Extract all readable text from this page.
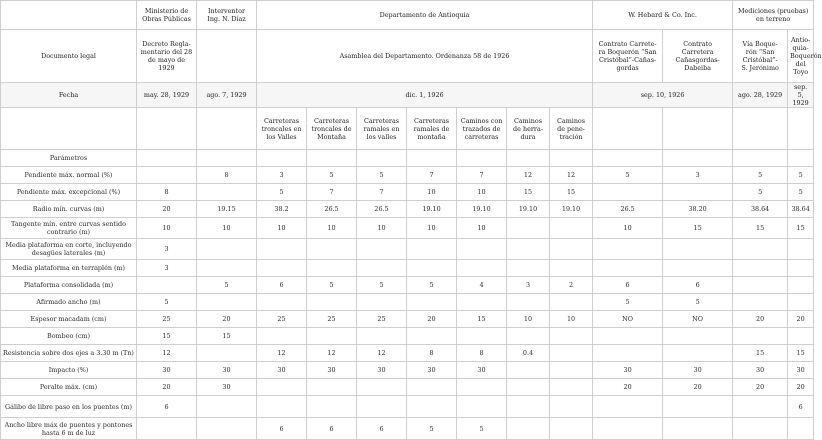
	Ministerio de
Obras Públicas	Interventor
Ing. N. Díaz	Departamento de Antioquia							W. Hebard & Co. Inc.		Mediciones (pruebas)
en terreno	
Documento legal	Decreto Regla-
mentario del 28
de mayo de 1929		Asamblea del Departamento. Ordenanza 58 de 1926							Contrato Carrete-
ra Boquerón “San
Cristóbal”-Cañas-
gordas	Contrato
Carretera
Cañasgordas-
Dabeiba	Vía Boque-
rón “San
Cristóbal”-
S. Jerónimo	Antio-
quia-
Boquerón
del Toyo
Fecha	may. 28, 1929	ago. 7, 1929	dic. 1, 1926							sep. 10, 1926		ago. 28, 1929	sep. 5, 1929
			Carreteras
troncales en
los Valles	Carreteras
troncales de
Montaña	Carreteras
ramales en
los valles	Carreteras
ramales de
montaña	Caminos con
trazados de
carreteras	Caminos
de herra-
dura	Caminos
de pene-
tración				
Parámetros													
Pendiente máx. normal (%)		8	3	5	5	7	7	12	12	5	3	5	5
Pendiente máx. excepcional (%)	8		5	7	7	10	10	15	15			5	5
Radio mín. curvas (m)	20	19.15	38.2	26.5	26.5	19.10	19.10	19.10	19.10	26.5	38.20	38.64	38.64
Tangente mín. entre curvas sentido contrario (m)	10	10	10	10	10	10	10			10	15	15	15
Media plataforma en corte, incluyendo desagües laterales (m)	3												
Media plataforma en terraplén (m)	3												
Plataforma consolidada (m)		5	6	5	5	5	4	3	2	6	6		
Afirmado ancho (m)	5									5	5		
Espesor macadam (cm)	25	20	25	25	25	20	15	10	10	NO	NO	20	20
Bombeo (cm)	15	15											
Resistencia sobre dos ejes a 3.30 m (Tn)	12		12	12	12	8	8	0.4				15	15
Impacto (%)	30	30	30	30	30	30	30			30	30	30	30
Peralte máx. (cm)	20	30								20	20	20	20
Gálibo de libre paso en los puentes (m)	6												6
Ancho libre máx de puentes y pontones hasta 6 m de luz			6	6	6	5	5						
